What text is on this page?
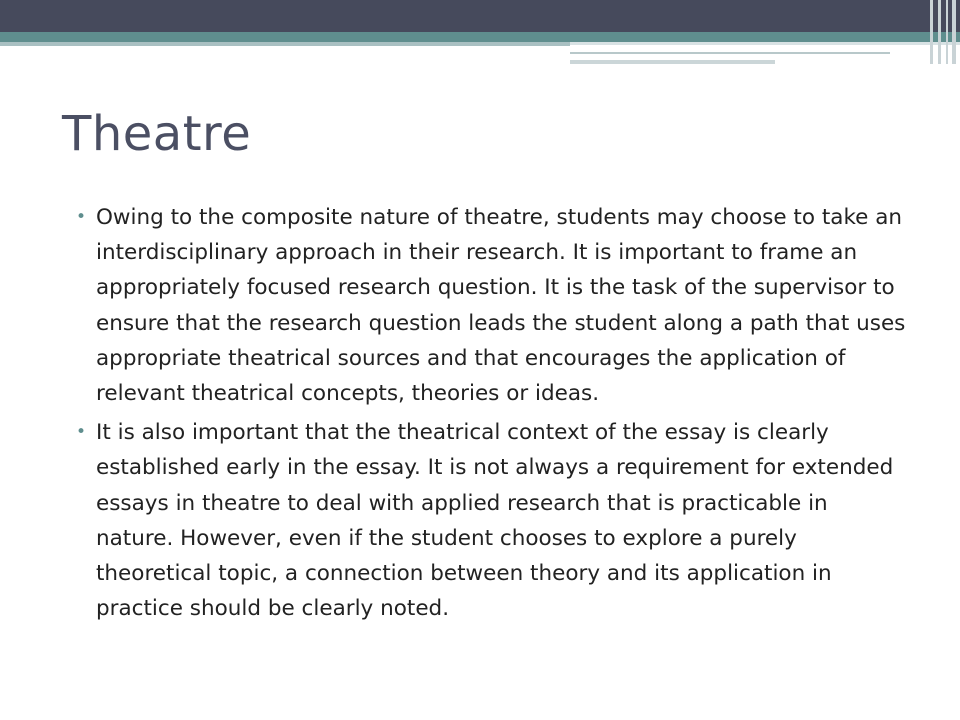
Theatre
• Owing to the composite nature of theatre, students may choose to take an interdisciplinary approach in their research. It is important to frame an appropriately focused research question. It is the task of the supervisor to ensure that the research question leads the student along a path that uses appropriate theatrical sources and that encourages the application of relevant theatrical concepts, theories or ideas.
• It is also important that the theatrical context of the essay is clearly established early in the essay. It is not always a requirement for extended essays in theatre to deal with applied research that is practicable in nature. However, even if the student chooses to explore a purely theoretical topic, a connection between theory and its application in practice should be clearly noted.
